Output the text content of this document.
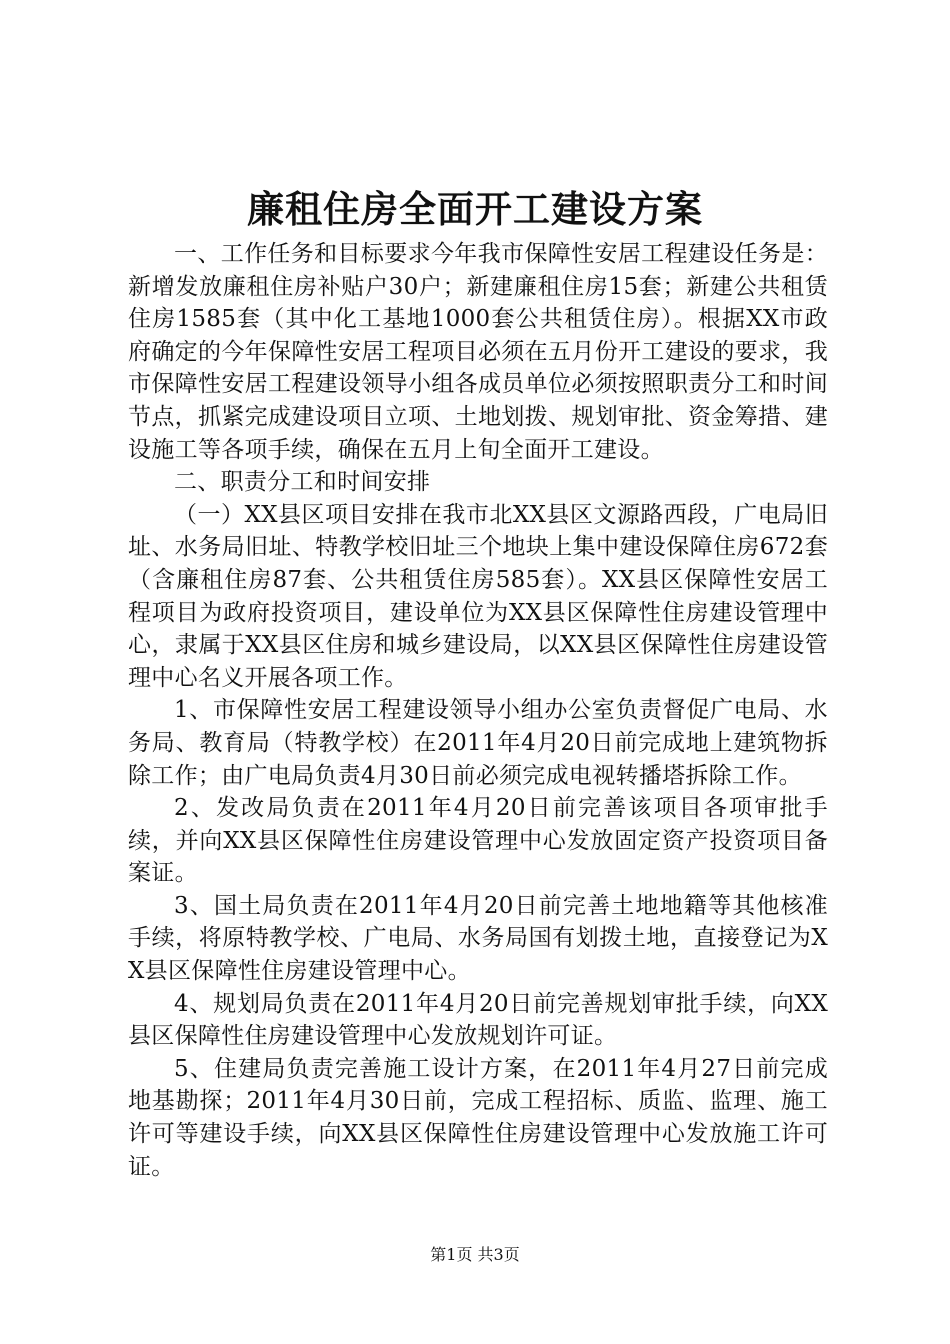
廉租住房全面开工建设方案

一、工作任务和目标要求今年我市保障性安居工程建设任务是：新增发放廉租住房补贴户30户；新建廉租住房15套；新建公共租赁住房1585套（其中化工基地1000套公共租赁住房）。根据XX市政府确定的今年保障性安居工程项目必须在五月份开工建设的要求，我市保障性安居工程建设领导小组各成员单位必须按照职责分工和时间节点，抓紧完成建设项目立项、土地划拨、规划审批、资金筹措、建设施工等各项手续，确保在五月上旬全面开工建设。

二、职责分工和时间安排

（一）XX县区项目安排在我市北XX县区文源路西段，广电局旧址、水务局旧址、特教学校旧址三个地块上集中建设保障住房672套（含廉租住房87套、公共租赁住房585套）。XX县区保障性安居工程项目为政府投资项目，建设单位为XX县区保障性住房建设管理中心，隶属于XX县区住房和城乡建设局，以XX县区保障性住房建设管理中心名义开展各项工作。

1、市保障性安居工程建设领导小组办公室负责督促广电局、水务局、教育局（特教学校）在2011年4月20日前完成地上建筑物拆除工作；由广电局负责4月30日前必须完成电视转播塔拆除工作。

2、发改局负责在2011年4月20日前完善该项目各项审批手续，并向XX县区保障性住房建设管理中心发放固定资产投资项目备案证。

3、国土局负责在2011年4月20日前完善土地地籍等其他核准手续，将原特教学校、广电局、水务局国有划拨土地，直接登记为XX县区保障性住房建设管理中心。

4、规划局负责在2011年4月20日前完善规划审批手续，向XX县区保障性住房建设管理中心发放规划许可证。

5、住建局负责完善施工设计方案，在2011年4月27日前完成地基勘探；2011年4月30日前，完成工程招标、质监、监理、施工许可等建设手续，向XX县区保障性住房建设管理中心发放施工许可证。

第1页 共3页
